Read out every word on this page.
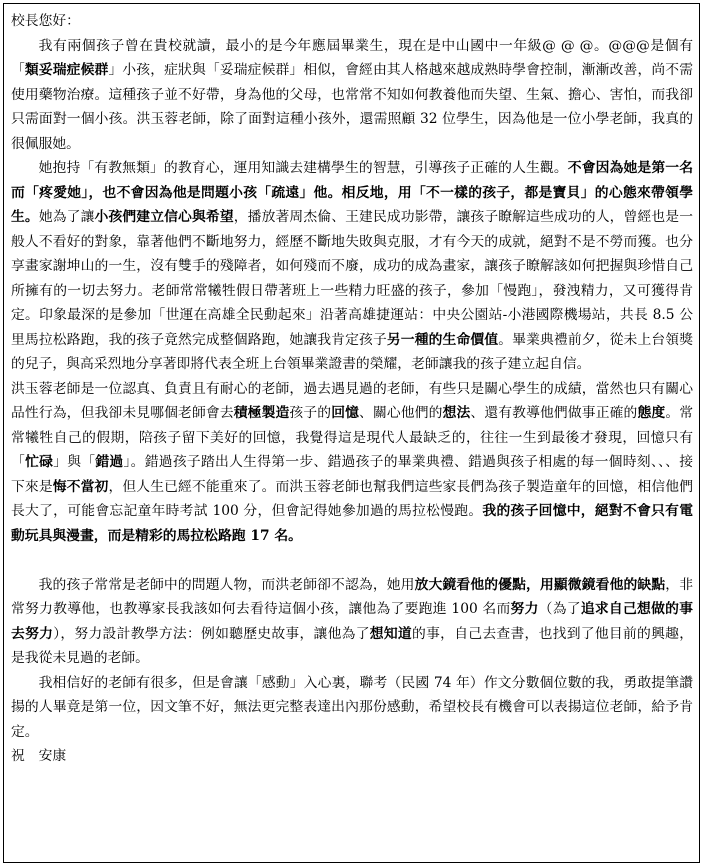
校長您好：

我有兩個孩子曾在貴校就讀，最小的是今年應屆畢業生，現在是中山國中一年級@ @ @。@@@是個有「類妥瑞症候群」小孩，症狀與「妥瑞症候群」相似，會經由其人格越來越成熟時學會控制，漸漸改善，尚不需使用藥物治療。這種孩子並不好帶，身為他的父母，也常常不知如何教養他而失望、生氣、擔心、害怕，而我卻只需面對一個小孩。洪玉蓉老師，除了面對這種小孩外，還需照顧 32 位學生，因為他是一位小學老師，我真的很佩服她。

她抱持「有教無類」的教育心，運用知識去建構學生的智慧，引導孩子正確的人生觀。不會因為她是第一名而「疼愛她」，也不會因為他是問題小孩「疏遠」他。相反地，用「不一樣的孩子，都是寶貝」的心態來帶領學生。她為了讓小孩們建立信心與希望，播放著周杰倫、王建民成功影帶，讓孩子瞭解這些成功的人，曾經也是一般人不看好的對象，靠著他們不斷地努力，經歷不斷地失敗與克服，才有今天的成就，絕對不是不勞而獲。也分享畫家謝坤山的一生，沒有雙手的殘障者，如何殘而不廢，成功的成為畫家，讓孩子瞭解該如何把握與珍惜自己所擁有的一切去努力。老師常常犧牲假日帶著班上一些精力旺盛的孩子，參加「慢跑」，發洩精力，又可獲得肯定。印象最深的是參加「世運在高雄全民動起來」沿著高雄捷運站：中央公園站-小港國際機場站，共長 8.5 公里馬拉松路跑，我的孩子竟然完成整個路跑，她讓我肯定孩子另一種的生命價值。畢業典禮前夕，從未上台領獎的兒子，與高采烈地分享著即將代表全班上台領畢業證書的榮耀，老師讓我的孩子建立起自信。

洪玉蓉老師是一位認真、負責且有耐心的老師，過去遇見過的老師，有些只是關心學生的成績，當然也只有關心品性行為，但我卻未見哪個老師會去積極製造孩子的回憶、關心他們的想法、還有教導他們做事正確的態度。常常犧牲自己的假期，陪孩子留下美好的回憶，我覺得這是現代人最缺乏的，往往一生到最後才發現，回憶只有「忙碌」與「錯過」。錯過孩子踏出人生得第一步、錯過孩子的畢業典禮、錯過與孩子相處的每一個時刻、、、接下來是悔不當初，但人生已經不能重來了。而洪玉蓉老師也幫我們這些家長們為孩子製造童年的回憶，相信他們長大了，可能會忘記童年時考試 100 分，但會記得她參加過的馬拉松慢跑。我的孩子回憶中，絕對不會只有電動玩具與漫畫，而是精彩的馬拉松路跑 17 名。

我的孩子常常是老師中的問題人物，而洪老師卻不認為，她用放大鏡看他的優點，用顯微鏡看他的缺點，非常努力教導他，也教導家長我該如何去看待這個小孩，讓他為了要跑進 100 名而努力（為了追求自己想做的事去努力），努力設計教學方法：例如聽歷史故事，讓他為了想知道的事，自己去查書，也找到了他目前的興趣，是我從未見過的老師。

我相信好的老師有很多，但是會讓「感動」入心裏，聯考（民國 74 年）作文分數個位數的我，勇敢提筆讚揚的人畢竟是第一位，因文筆不好，無法更完整表達出內那份感動，希望校長有機會可以表揚這位老師，給予肯定。

祝　安康
